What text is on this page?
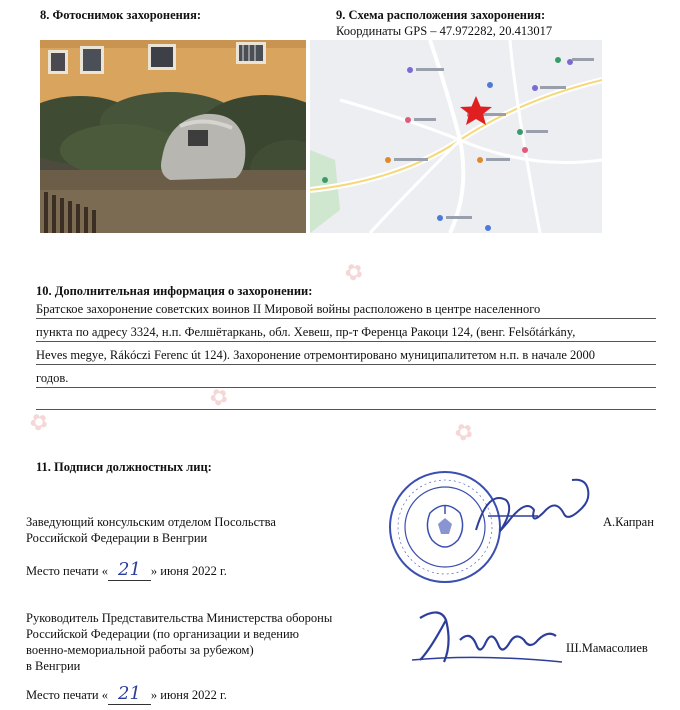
✿
✿
✿	✿
8. Фотоснимок захоронения:	9. Схема расположения захоронения:
Координаты GPS – 47.972282, 20.413017
10. Дополнительная информация о захоронении:
Братское захоронение советских воинов II Мировой войны расположено в центре населенного
пункта по адресу 3324, н.п. Фелшётаркань, обл. Хевеш, пр-т Ференца Ракоци 124, (венг. Felsőtárkány,
Heves megye, Rákóczi Ferenc út 124). Захоронение отремонтировано муниципалитетом н.п. в начале 2000
годов.
11. Подписи должностных лиц:
Заведующий консульским отделом Посольства
Российской Федерации в Венгрии
Место печати « 21 » июня 2022 г.
А.Капран
Руководитель Представительства Министерства обороны
Российской Федерации (по организации и ведению
военно-мемориальной работы за рубежом)
в Венгрии
Место печати « 21 » июня 2022 г.
Ш.Мамасолиев
